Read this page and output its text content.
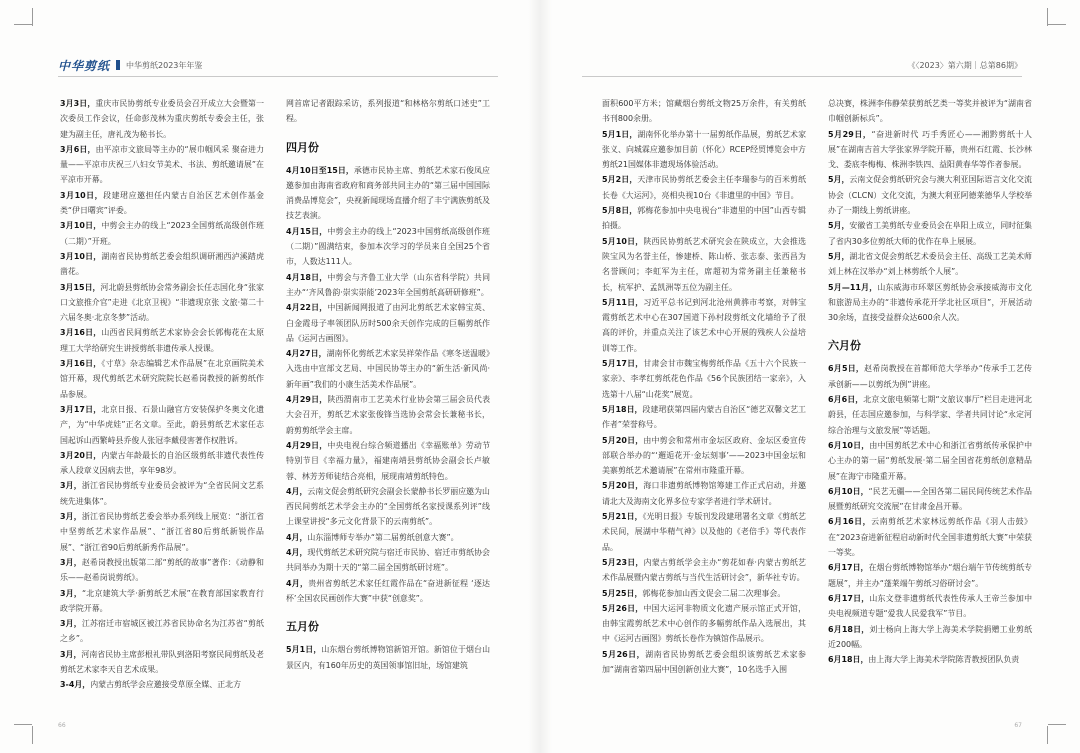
中华剪纸 中华剪纸2023年年鉴

3月3日，重庆市民协剪纸专业委员会召开成立大会暨第一次委员工作会议，任命彭茂林为重庆剪纸专委会主任，张建为副主任，唐礼茂为秘书长。

3月6日，由平凉市文旅局等主办的“展巾帼风采 聚奋进力量——平凉市庆祝三八妇女节美术、书法、剪纸邀请展”在平凉市开幕。

3月10日，段建珺应邀担任内蒙古自治区艺术创作基金类“伊日曙宾”评委。

3月10日，中剪会主办的线上“2023全国剪纸高级创作班（二期）”开班。

3月10日，湖南省民协剪纸艺委会组织调研湘西泸溪踏虎凿花。

3月15日，河北蔚县剪纸协会常务副会长任志国化身“张家口文旅推介官”走进《北京卫视》“非遗现京张 文旅·第二十六届冬奥·北京冬梦”活动。

3月16日，山西省民间剪纸艺术家协会会长郭梅花在太原理工大学给研究生讲授剪纸非遗传承人授课。

3月16日，《寸草》杂志编辑艺术作品展”在北京画院美术馆开幕，现代剪纸艺术研究院院长赵希岗教授的新剪纸作品参展。

3月17日，北京日报、石景山融官方安装保护冬奥文化遗产，为“中华虎娃”正名文章。至此，蔚县剪纸艺术家任志国起诉山西繁峙县乔俊人张冠李戴侵害著作权胜诉。

3月20日，内蒙古年龄最长的自治区级剪纸非遗代表性传承人段章义因病去世，享年98岁。

3月，浙江省民协剪纸专业委员会被评为“全省民间文艺系统先进集体”。

3月，浙江省民协剪纸艺委会举办系列线上展览：“浙江省中坚剪纸艺术家作品展”、“浙江省80后剪纸新锐作品展”、“浙江省90后剪纸新秀作品展”。

3月，赵希岗教授出版第二部“剪纸的故事”著作：《动静和乐——赵希岗说剪纸》。

3月，“北京建筑大学·新剪纸艺术展”在教育部国家教育行政学院开幕。

3月，江苏宿迁市宿城区被江苏省民协命名为江苏省“剪纸之乡”。

3月，河南省民协主席彭根礼带队到洛阳考察民间剪纸及老剪纸艺术家李天自艺术成果。

3-4月，内蒙古剪纸学会应邀接受草原全媒、正北方

网首席记者跟踪采访，系列报道“和林格尔剪纸口述史”工程。

四月份

4月10日至15日，承德市民协主席、剪纸艺术家石俊凤应邀参加由海南省政府和商务部共同主办的“第三届中国国际消费品博览会”，央视新闻现场直播介绍了丰宁满族剪纸及技艺表演。

4月15日，中剪会主办的线上“2023中国剪纸高级创作班（二期）”圆满结束，参加本次学习的学员来自全国25个省市，人数达111人。

4月18日，中剪会与齐鲁工业大学（山东省科学院）共同主办“‘齐风鲁韵·崇实崇能’2023年全国剪纸高研研修班”。

4月22日，中国新闻网报道了由河北剪纸艺术家韩宝英、白金霞母子率领团队历时500余天创作完成的巨幅剪纸作品《运河古画图》。

4月27日，湖南怀化剪纸艺术家吴祥荣作品《寒冬送温暖》入选由中宣部文艺局、中国民协等主办的“新生活·新风尚·新年画”我们的小康生活美术作品展”。

4月29日，陕西渭南市工艺美术行业协会第三届会员代表大会召开，剪纸艺术家张俊锋当选协会常会长兼秘书长，蔚剪剪纸学会主席。

4月29日，中央电视台综合频道播出《幸福账单》劳动节特别节目《幸福力量》，福建南靖县剪纸协会副会长卢敏蓉、林芳芳师徒结合亮相，展现南靖剪纸特色。

4月，云南文促会剪纸研究会副会长蒙静书长罗丽应邀为山西民间剪纸艺术学会主办的“全国剪纸名家授课系列评”线上课堂讲授“多元文化背景下的云南剪纸”。

4月，山东淄博师专举办“第二届剪纸创意大赛”。

4月，现代剪纸艺术研究院与宿迁市民协、宿迁市剪纸协会共同举办为期十天的“第二届全国剪纸研讨班”。

4月，贵州省剪纸艺术家任红霞作品在“奋进新征程 ‘逐达杯’全国农民画创作大赛”中获“创意奖”。

五月份

5月1日，山东烟台剪纸博物馆新馆开馆。新馆位于烟台山景区内，有160年历史的英国领事馆旧址，场馆建筑

66
《〈2023〉第六期｜总第86期》

面积600平方米；馆藏烟台剪纸文物25万余件，有关剪纸书刊800余册。

5月1日，湖南怀化举办第十一届剪纸作品展，剪纸艺术家张义、向城霖应邀参加目前（怀化）RCEP经贸博览会中方剪纸21国媒体非遗现场体验活动。

5月2日，天津市民协剪纸艺委会主任李瑞参与的百米剪纸长卷《大运河》，亮相央视10台《非遗里的中国》节目。

5月8日，郭梅花参加中央电视台“非遗里的中国”山西专辑拍摄。

5月10日，陕西民协剪纸艺术研究会在陕成立，大会推选陕宝风为名誉主任，惨建桥、陈山桥、张志泰、张西昌为名誉顾问；李虹军为主任，席超初为常务副主任兼秘书长，杭军护、孟凯洲等五位为副主任。

5月11日，习近平总书记到河北沧州黄骅市考察，对韩宝霞剪纸艺术中心在307国道下孙村段剪纸文化墙给予了很高的评价，并重点关注了该艺术中心开展的残疾人公益培训等工作。

5月17日，甘肃会甘市魏宝梅剪纸作品《五十六个民族一家亲》、李孝红剪纸花色作品《56个民族团结一家亲》，入选第十八届“山花奖”展览。

5月18日，段建珺获第四届内蒙古自治区“德艺双馨文艺工作者”荣誉称号。

5月20日，由中剪会和常州市金坛区政府、金坛区委宣传部联合举办的“‘邂逅花开·金坛刻事’——2023中国金坛和美寨剪纸艺术邀请展”在常州市隆重开幕。

5月20日，海口非遗剪纸博物馆筹建工作正式启动，并邀请北大及海南文化界多位专家学者进行学术研讨。

5月21日，《光明日报》专版刊发段建珺署名文章《剪纸艺术民间，展湖中华精气神》以及他的《老倍手》等代表作品。

5月23日，内蒙古剪纸学会主办“剪花如春·内蒙古剪纸艺术作品展暨内蒙古剪纸与当代生活研讨会”，新华社专访。

5月25日，郭梅花参加山西文促会二届二次理事会。

5月26日，中国大运河非物质文化遗产展示馆正式开馆，由韩宝霞剪纸艺术中心创作的多幅剪纸作品入选展出，其中《运河古画图》剪纸长卷作为镇馆作品展示。

5月26日，湖南省民协剪纸艺委会组织该剪纸艺术家参加“湖南省第四届中国创新创业大赛”，10名选手入围

总决赛，株洲李伟静荣获剪纸艺类一等奖并被评为“湖南省巾帼创新标兵”。

5月29日，“奋进新时代 巧手秀匠心——湘黔剪纸十人展”在湖南吉首大学张家界学院开幕，贵州石红霞、长沙林戈、娄底李梅梅、株洲李铁四、益阳黄春华等作者参展。

5月，云南文促会剪纸研究会与澳大利亚国际语言文化交流协会（CLCN）文化交流，为澳大利亚阿德莱德华人学校举办了一期线上剪纸讲座。

5月，安徽省工美剪纸专业委员会在阜阳上成立，同时征集了省内30多位剪纸大师的优作在阜上展展。

5月，湖北省文促会剪纸艺术委员会主任、高级工艺美术师刘上林在汉举办“刘上林剪纸个人展”。

5月—11月，山东威海市环翠区剪纸协会承接威海市文化和旅游局主办的“非遗传承花开学北社区项目”，开展活动30余场，直接受益群众达600余人次。

六月份

6月5日，赵希岗教授在首都师范大学举办“传承手工艺传承创新——以剪纸为例”讲座。

6月6日，北京文旅电频第七期“文旅议事厅”栏目走进河北蔚县，任志国应邀参加，与科学家、学者共同讨论“永定河综合治理与文旅发展”等话题。

6月10日，由中国剪纸艺术中心和浙江省剪纸传承保护中心主办的第一届“剪纸发展·第二届全国省花剪纸创意精品展”在海宁市隆重开幕。

6月10日，“民艺无疆——全国各第二届民间传统艺术作品展暨剪纸研究交流展”在甘肃金昌开幕。

6月16日，云南剪纸艺术家林远剪纸作品《羽人击鼓》在“2023奋进新征程启动新时代全国非遗剪纸大赛”中荣获一等奖。

6月17日，在烟台剪纸博物馆举办“烟台端午节传统剪纸专题展”，并主办“蓬莱端午剪纸习俗研讨会”。

6月17日，山东文登非遗剪纸代表性传承人王帝兰参加中央电视频道专题“爱我人民爱我军”节目。

6月18日，刘士杨向上海大学上海美术学院捐赠工业剪纸近200幅。

6月18日，由上海大学上海美术学院陈青教授团队负责

67
